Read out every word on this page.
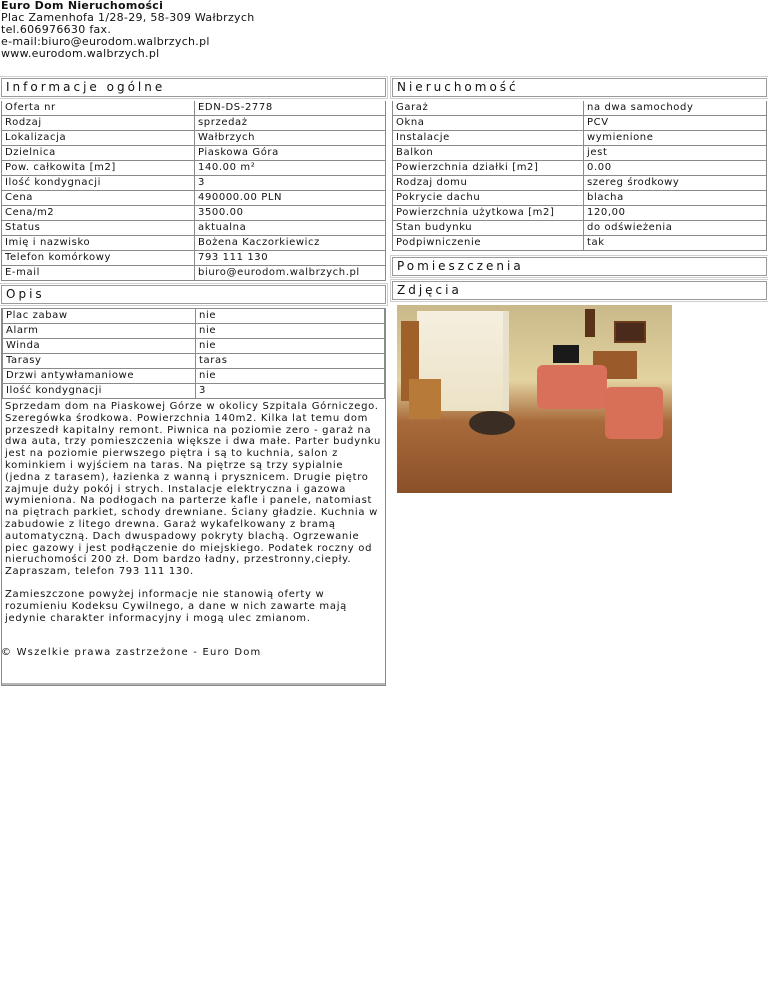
Euro Dom Nieruchomości
Plac Zamenhofa 1/28-29, 58-309 Wałbrzych
tel.606976630 fax.
e-mail:biuro@eurodom.walbrzych.pl
www.eurodom.walbrzych.pl
Informacje ogólne
Oferta nr	EDN-DS-2778
Rodzaj	sprzedaż
Lokalizacja	Wałbrzych
Dzielnica	Piaskowa Góra
Pow. całkowita [m2]	140.00 m²
Ilość kondygnacji	3
Cena	490000.00 PLN
Cena/m2	3500.00
Status	aktualna
Imię i nazwisko	Bożena Kaczorkiewicz
Telefon komórkowy	793 111 130
E-mail	biuro@eurodom.walbrzych.pl
Opis
Plac zabaw	nie
Alarm	nie
Winda	nie
Tarasy	taras
Drzwi antywłamaniowe	nie
Ilość kondygnacji	3

Sprzedam dom na Piaskowej Górze w okolicy Szpitala Górniczego. Szeregówka środkowa. Powierzchnia 140m2. Kilka lat temu dom przeszedł kapitalny remont. Piwnica na poziomie zero - garaż na dwa auta, trzy pomieszczenia większe i dwa małe. Parter budynku jest na poziomie pierwszego piętra i są to kuchnia, salon z kominkiem i wyjściem na taras. Na piętrze są trzy sypialnie (jedna z tarasem), łazienka z wanną i prysznicem. Drugie piętro zajmuje duży pokój i strych. Instalacje elektryczna i gazowa wymieniona. Na podłogach na parterze kafle i panele, natomiast na piętrach parkiet, schody drewniane. Ściany gładzie. Kuchnia w zabudowie z litego drewna. Garaż wykafelkowany z bramą automatyczną. Dach dwuspadowy pokryty blachą. Ogrzewanie piec gazowy i jest podłączenie do miejskiego. Podatek roczny od nieruchomości 200 zł. Dom bardzo ładny, przestronny,ciepły. Zapraszam, telefon 793 111 130.

Zamieszczone powyżej informacje nie stanowią oferty w rozumieniu Kodeksu Cywilnego, a dane w nich zawarte mają jedynie charakter informacyjny i mogą ulec zmianom.

Nieruchomość
Garaż	na dwa samochody
Okna	PCV
Instalacje	wymienione
Balkon	jest
Powierzchnia działki [m2]	0.00
Rodzaj domu	szereg środkowy
Pokrycie dachu	blacha
Powierzchnia użytkowa [m2]	120,00
Stan budynku	do odświeżenia
Podpiwniczenie	tak
Pomieszczenia
Zdjęcia
© Wszelkie prawa zastrzeżone - Euro Dom
